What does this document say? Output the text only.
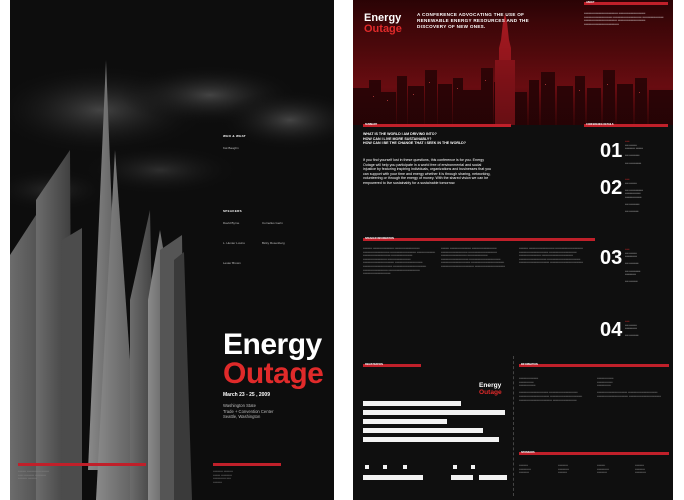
WHO & WHAT
Kat Baughn
SPEAKERS
David Byrne	Cornelius Gerin
L. Hunter Lovins	Bicky Rosenberg
Lester Brown
Energy
Outage
March 23 - 25 , 2009
Washington State
Trade + Convention Center
Seattle, Washington
▪▪▪▪▪▪▪▪▪ ▪▪▪▪▪▪▪▪▪▪▪▪▪▪▪ ▪▪▪▪▪▪▪▪
▪▪▪▪▪▪ ▪▪▪▪▪▪▪▪▪▪▪ ▪▪▪▪▪▪▪▪▪▪▪▪
▪▪▪▪▪▪▪▪▪▪ ▪▪▪▪▪▪▪▪▪▪
▪▪▪▪▪▪▪▪▪▪▪ ▪▪▪▪▪▪▪▪▪▪
▪▪▪▪▪▪▪▪ ▪▪▪▪▪▪▪▪▪▪▪▪
▪▪▪▪▪▪▪▪▪▪▪▪▪▪ ▪▪▪▪▪
▪▪▪▪▪▪▪▪▪▪
Energy
Outage
A CONFERENCE ADVOCATING THE USE OF RENEWABLE ENERGY RESOURCES AND THE DISCOVERY OF NEW ONES.
ABOUT
▪▪▪▪▪▪▪▪▪▪▪▪▪▪▪▪▪▪▪▪▪▪▪▪▪▪▪▪▪▪▪▪▪▪▪▪▪ ▪▪▪▪▪▪▪▪▪▪▪▪▪▪▪▪▪▪▪▪▪▪▪▪▪▪▪▪▪ ▪▪▪▪▪▪▪▪▪▪▪▪▪▪▪▪▪▪▪▪▪▪▪▪▪▪▪▪▪▪▪ ▪▪▪▪▪▪▪▪▪▪▪▪▪▪▪▪▪▪▪▪▪▪▪▪▪▪▪▪▪▪▪ ▪▪▪▪▪▪▪▪▪▪▪▪▪▪▪▪▪▪▪▪▪▪▪ ▪▪▪▪▪▪▪▪▪▪▪▪▪▪▪▪▪▪▪▪▪▪▪▪▪▪▪▪▪▪▪▪▪▪▪▪ ▪▪▪▪▪▪▪▪▪▪▪▪▪▪▪▪▪▪▪▪▪▪▪▪▪▪▪▪▪▪ ▪▪▪▪▪▪▪▪▪▪▪▪▪▪▪▪▪▪▪▪▪▪▪▪▪▪▪▪▪▪▪▪▪▪▪▪▪▪
SUMMARY
WHAT IS THE WORLD I AM DRIVING INTO?
HOW CAN I LIVE MORE SUSTAINABLY?
HOW CAN I BE THE CHANGE THAT I SEEK IN THE WORLD?
If you find yourself lost in these questions, this conference is for you. Energy Outage will help you participate in a world free of environmental and social injustice by featuring inspiring individuals, organizations and businesses that you can support with your time and energy whether it is through sharing, networking, volunteering or through the energy of money. With the shared vision we can be empowered to live sustainably for a sustainable tomorrow.
CONFERENCE DETAILS
01
02
03
04
▪▪▪▪▪
▪▪▪▪ ▪▪▪▪▪▪▪▪
▪▪▪▪▪▪▪▪▪▪▪ ▪▪▪▪▪▪▪▪

▪▪▪▪ ▪▪▪▪▪▪▪▪▪▪▪

▪▪▪▪ ▪▪▪▪▪▪▪▪▪▪▪▪▪
▪▪▪▪▪
▪▪▪▪ ▪▪▪▪▪▪▪▪

▪▪▪▪ ▪▪▪▪▪▪▪▪▪▪▪▪▪▪▪
▪▪▪▪▪▪▪▪▪▪▪▪▪▪▪▪▪
▪▪▪▪▪▪▪▪▪▪▪▪▪▪▪▪▪▪

▪▪▪▪ ▪▪▪▪▪▪▪▪▪▪▪

▪▪▪▪ ▪▪▪▪▪▪▪▪▪▪
▪▪▪▪▪
▪▪▪▪ ▪▪▪▪▪▪▪▪
▪▪▪▪▪▪▪▪▪▪▪▪▪

▪▪▪▪ ▪▪▪▪▪▪▪▪▪▪

▪▪▪▪ ▪▪▪▪▪▪▪▪▪▪▪▪
▪▪▪▪▪▪▪▪▪▪▪▪

▪▪▪▪ ▪▪▪▪▪▪▪▪▪
▪▪▪▪▪
▪▪▪▪ ▪▪▪▪▪▪▪▪
▪▪▪▪▪▪▪▪▪▪▪▪▪

▪▪▪▪ ▪▪▪▪▪▪▪▪▪▪
SPEAKER INFORMATION
▪▪▪▪▪▪▪▪▪▪ ▪▪▪▪▪▪▪▪▪▪▪▪▪▪▪▪▪▪▪▪▪▪▪ ▪▪▪▪▪▪▪▪▪▪▪▪▪▪▪▪▪▪▪▪▪▪▪▪▪▪▪ ▪▪▪▪▪▪▪▪▪▪▪▪▪▪▪▪▪▪▪▪▪▪▪▪▪▪▪▪▪ ▪▪▪▪▪▪▪▪▪▪▪▪▪▪▪▪▪▪▪▪▪▪▪▪▪▪▪▪ ▪▪▪▪▪▪▪▪▪▪▪▪▪▪▪▪▪▪▪▪ ▪▪▪▪▪▪▪▪▪▪▪▪▪▪▪▪▪▪▪▪▪▪▪▪▪▪▪▪▪▪ ▪▪▪▪▪▪▪▪▪▪▪▪▪▪▪▪▪▪▪▪▪▪▪ ▪▪▪▪▪▪▪▪▪▪▪▪▪▪▪▪▪▪▪▪▪▪▪▪▪▪ ▪▪▪▪▪▪▪▪▪▪▪▪▪▪▪▪▪▪▪▪▪▪▪▪▪ ▪▪▪▪▪▪▪▪▪▪▪▪▪▪▪▪▪▪▪▪▪▪▪▪▪▪▪▪▪▪▪▪▪▪ ▪▪▪▪▪▪▪▪▪▪▪▪▪▪▪▪▪▪▪▪▪▪▪▪▪▪▪▪▪▪ ▪▪▪▪▪▪▪▪▪▪▪▪▪▪▪▪▪▪▪▪▪▪▪▪▪▪▪▪▪▪▪▪ ▪▪▪▪▪▪▪▪▪▪▪▪▪▪▪▪▪▪▪▪▪▪▪▪▪▪▪▪▪▪▪▪▪▪▪▪ ▪▪▪▪▪▪▪▪▪▪▪▪▪▪▪▪▪▪▪▪▪▪▪▪▪▪▪ ▪▪▪▪▪▪▪▪▪▪▪▪▪▪▪▪▪▪▪▪▪▪▪▪▪▪▪▪▪▪▪▪▪▪ ▪▪▪▪▪▪▪▪▪▪▪▪▪▪▪▪▪▪▪▪▪▪▪▪▪▪▪▪▪▪
▪▪▪▪▪▪▪▪▪ ▪▪▪▪▪▪▪▪▪▪▪▪▪▪▪▪▪▪▪▪▪▪▪ ▪▪▪▪▪▪▪▪▪▪▪▪▪▪▪▪▪▪▪▪▪▪▪▪▪▪▪ ▪▪▪▪▪▪▪▪▪▪▪▪▪▪▪▪▪▪▪▪▪▪▪▪▪▪▪▪▪ ▪▪▪▪▪▪▪▪▪▪▪▪▪▪▪▪▪▪▪▪▪▪▪▪▪▪▪▪▪▪▪ ▪▪▪▪▪▪▪▪▪▪▪▪▪▪▪▪▪▪▪▪▪▪▪▪▪▪▪▪ ▪▪▪▪▪▪▪▪▪▪▪▪▪▪▪▪▪▪▪▪▪▪ ▪▪▪▪▪▪▪▪▪▪▪▪▪▪▪▪▪▪▪▪▪▪▪▪▪▪▪▪▪▪ ▪▪▪▪▪▪▪▪▪▪▪▪▪▪▪▪▪▪▪▪▪▪▪▪▪▪▪▪▪▪▪▪▪▪ ▪▪▪▪▪▪▪▪▪▪▪▪▪▪▪▪▪▪▪▪▪▪▪▪▪▪▪▪▪▪▪▪ ▪▪▪▪▪▪▪▪▪▪▪▪▪▪▪▪▪▪▪▪▪▪▪▪▪▪▪▪▪▪▪▪▪▪▪▪ ▪▪▪▪▪▪▪▪▪▪▪▪▪▪▪▪▪▪▪▪▪▪▪▪▪▪▪▪▪▪▪▪▪▪▪▪ ▪▪▪▪▪▪▪▪▪▪▪▪▪▪▪▪▪▪▪▪▪▪▪▪▪▪▪▪▪▪▪▪▪
▪▪▪▪▪▪▪▪▪▪ ▪▪▪▪▪▪▪▪▪▪▪▪▪▪▪▪▪▪▪▪▪▪▪▪▪▪▪▪ ▪▪▪▪▪▪▪▪▪▪▪▪▪▪▪▪▪▪▪▪▪▪▪▪▪▪▪▪▪▪ ▪▪▪▪▪▪▪▪▪▪▪▪▪▪▪▪▪▪▪▪▪▪▪▪▪▪▪▪▪▪▪▪ ▪▪▪▪▪▪▪▪▪▪▪▪▪▪▪▪▪▪▪▪▪▪▪▪▪▪▪▪▪▪ ▪▪▪▪▪▪▪▪▪▪▪▪▪▪▪▪▪▪▪▪▪▪▪▪ ▪▪▪▪▪▪▪▪▪▪▪▪▪▪▪▪▪▪▪▪▪▪▪▪▪▪▪▪▪▪▪▪▪▪ ▪▪▪▪▪▪▪▪▪▪▪▪▪▪▪▪▪▪▪▪▪▪▪▪▪▪▪▪▪▪ ▪▪▪▪▪▪▪▪▪▪▪▪▪▪▪▪▪▪▪▪▪▪▪▪▪▪▪▪▪▪▪▪▪▪▪▪ ▪▪▪▪▪▪▪▪▪▪▪▪▪▪▪▪▪▪▪▪▪▪▪▪▪▪▪▪▪▪▪▪▪ ▪▪▪▪▪▪▪▪▪▪▪▪▪▪▪▪▪▪▪▪▪▪▪▪▪▪▪▪▪▪▪▪▪▪▪▪
REGISTRATION
Energy
Outage
INFORMATION
▪▪▪▪▪▪▪▪▪▪▪▪▪▪▪▪▪▪▪▪▪
▪▪▪▪▪▪▪▪▪▪▪▪▪▪▪▪
▪▪▪▪▪▪▪▪▪▪▪▪▪▪▪▪▪▪

▪▪▪▪▪▪▪▪▪▪▪▪▪▪▪▪▪▪▪▪▪▪▪▪▪▪▪▪▪▪▪▪ ▪▪▪▪▪▪▪▪▪▪▪▪▪▪▪▪▪▪▪▪▪▪▪▪▪▪▪▪▪▪▪ ▪▪▪▪▪▪▪▪▪▪▪▪▪▪▪▪▪▪▪▪▪▪▪▪▪▪▪▪▪▪▪▪▪ ▪▪▪▪▪▪▪▪▪▪▪▪▪▪▪▪▪▪▪▪▪▪▪▪▪▪▪▪▪▪▪▪▪▪▪ ▪▪▪▪▪▪▪▪▪▪▪▪▪▪▪▪▪▪▪▪▪▪▪▪▪▪▪▪▪▪▪▪▪▪▪▪ ▪▪▪▪▪▪▪▪▪▪▪▪▪▪▪▪▪▪▪▪▪▪▪▪▪▪
▪▪▪▪▪▪▪▪▪▪▪▪▪▪▪▪▪▪
▪▪▪▪▪▪▪▪▪▪▪▪▪▪▪▪▪
▪▪▪▪▪▪▪▪▪▪▪▪▪▪▪

▪▪▪▪▪▪▪▪▪▪▪▪▪▪▪▪▪▪▪▪▪▪▪▪▪▪▪▪▪▪▪▪▪ ▪▪▪▪▪▪▪▪▪▪▪▪▪▪▪▪▪▪▪▪▪▪▪▪▪▪▪▪▪▪▪▪ ▪▪▪▪▪▪▪▪▪▪▪▪▪▪▪▪▪▪▪▪▪▪▪▪▪▪▪▪▪▪▪▪▪▪ ▪▪▪▪▪▪▪▪▪▪▪▪▪▪▪▪▪▪▪▪▪▪▪▪▪▪▪▪▪▪▪▪▪▪▪
SPONSORS
▪▪▪▪▪▪▪▪▪▪
▪▪▪▪▪▪▪▪▪▪▪▪▪
▪▪▪▪▪▪▪▪▪▪▪
▪▪▪▪▪▪▪▪▪▪▪
▪▪▪▪▪▪▪▪▪▪▪▪
▪▪▪▪▪▪▪▪▪▪
▪▪▪▪▪▪▪▪▪
▪▪▪▪▪▪▪▪▪▪▪▪▪
▪▪▪▪▪▪▪▪▪▪▪
▪▪▪▪▪▪▪▪▪▪
▪▪▪▪▪▪▪▪▪▪▪
▪▪▪▪▪▪▪▪▪▪▪▪
